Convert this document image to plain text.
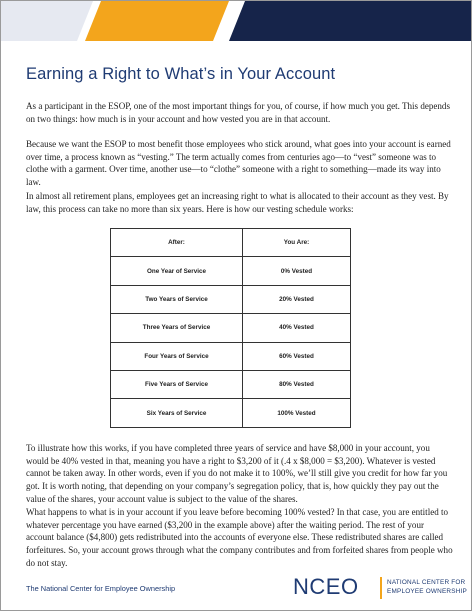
Earning a Right to What’s in Your Account

As a participant in the ESOP, one of the most important things for you, of course, if how much you get. This depends on two things: how much is in your account and how vested you are in that account.

Because we want the ESOP to most benefit those employees who stick around, what goes into your account is earned over time, a process known as “vesting.” The term actually comes from centuries ago—to “vest” someone was to clothe with a garment. Over time, another use—to “clothe” someone with a right to something—made its way into law.

In almost all retirement plans, employees get an increasing right to what is allocated to their account as they vest. By law, this process can take no more than six years. Here is how our vesting schedule works:

After:	You Are:
One Year of Service	0% Vested
Two Years of Service	20% Vested
Three Years of Service	40% Vested
Four Years of Service	60% Vested
Five Years of Service	80% Vested
Six Years of Service	100% Vested

To illustrate how this works, if you have completed three years of service and have $8,000 in your account, you would be 40% vested in that, meaning you have a right to $3,200 of it (.4 x $8,000 = $3,200). Whatever is vested cannot be taken away. In other words, even if you do not make it to 100%, we’ll still give you credit for how far you got. It is worth noting, that depending on your company’s segregation policy, that is, how quickly they pay out the value of the shares, your account value is subject to the value of the shares.

What happens to what is in your account if you leave before becoming 100% vested? In that case, you are entitled to whatever percentage you have earned ($3,200 in the example above) after the waiting period. The rest of your account balance ($4,800) gets redistributed into the accounts of everyone else. These redistributed shares are called forfeitures. So, your account grows through what the company contributes and from forfeited shares from people who do not stay.

The National Center for Employee Ownership	NCEO	NATIONAL CENTER FOR
EMPLOYEE OWNERSHIP
